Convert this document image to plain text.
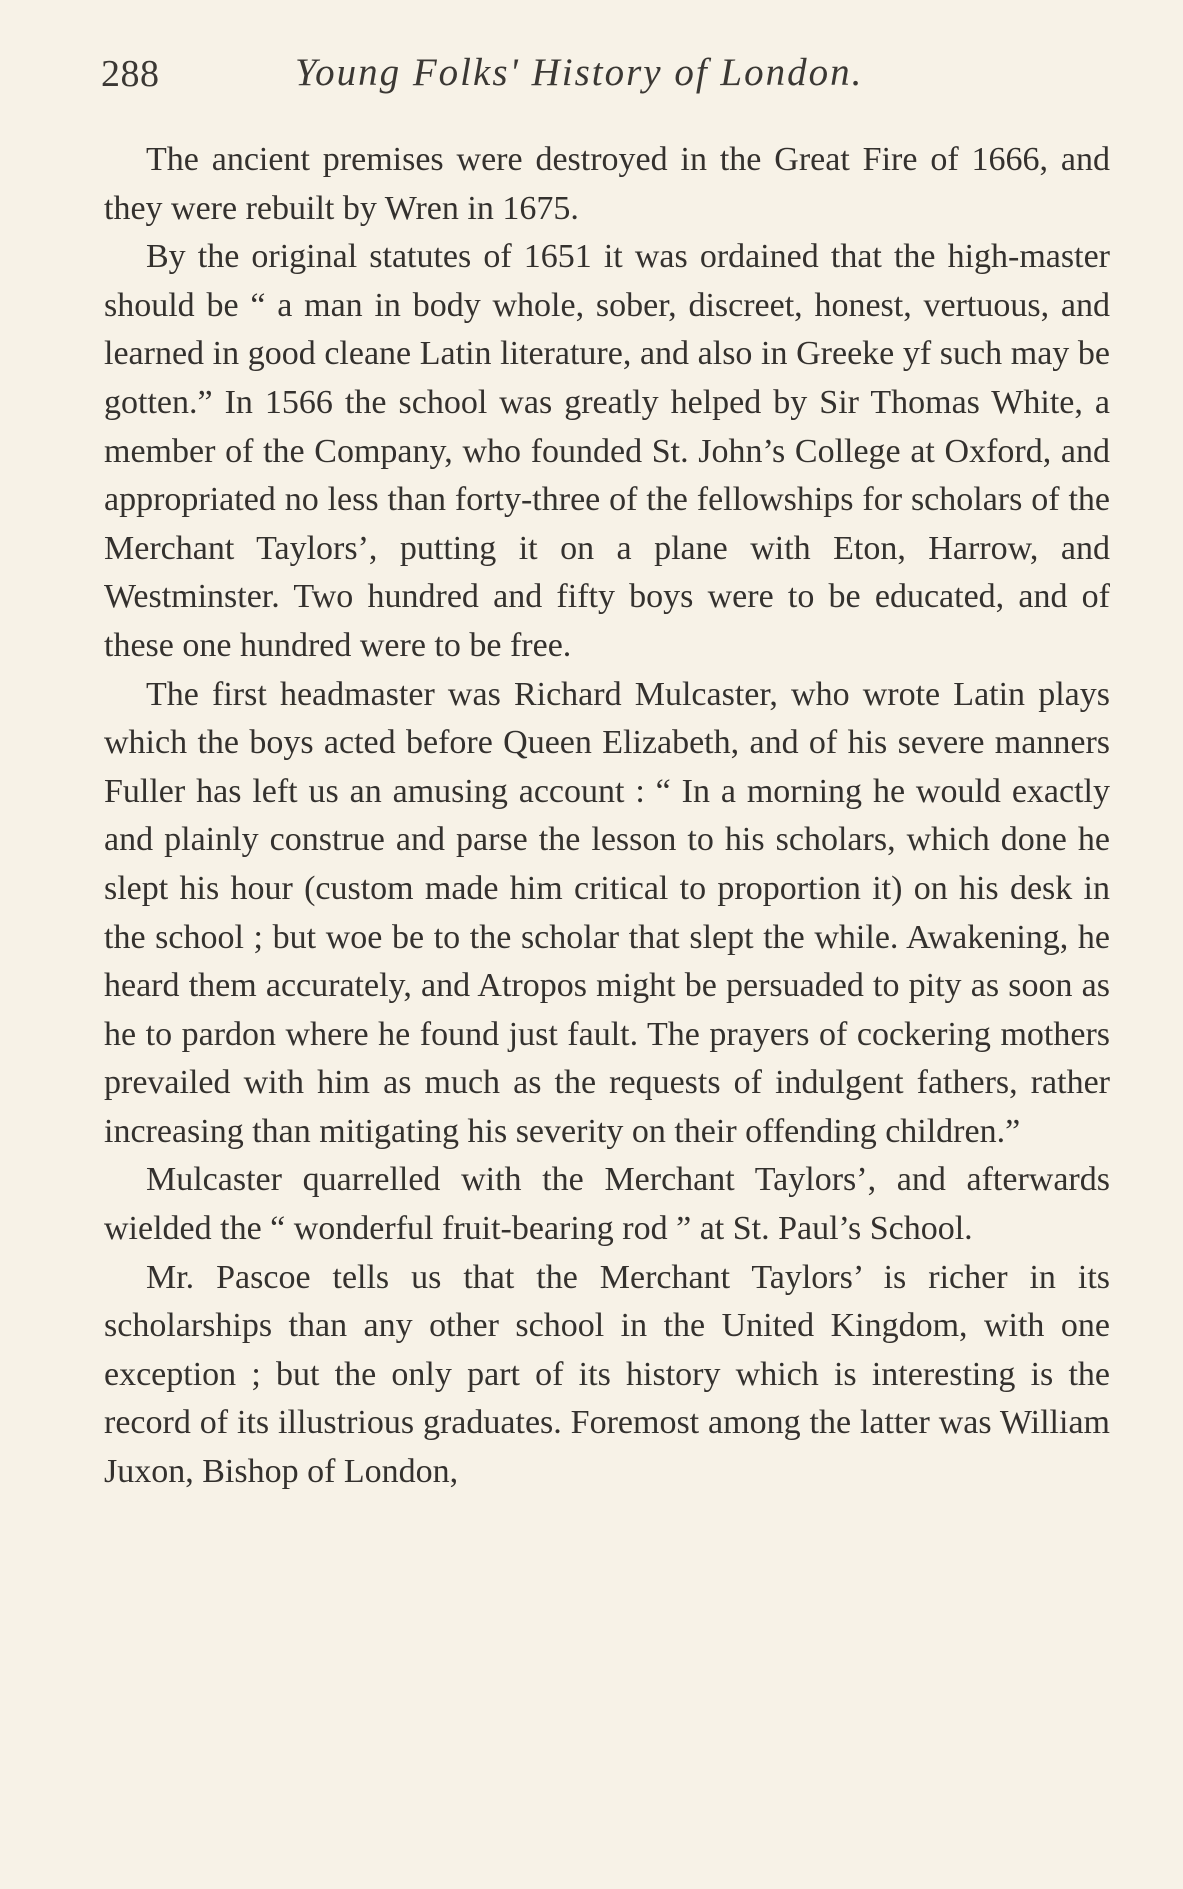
288	Young Folks' History of London.

The ancient premises were destroyed in the Great Fire of 1666, and they were rebuilt by Wren in 1675.

By the original statutes of 1651 it was ordained that the high-master should be “ a man in body whole, sober, discreet, honest, vertuous, and learned in good cleane Latin literature, and also in Greeke yf such may be gotten.” In 1566 the school was greatly helped by Sir Thomas White, a member of the Company, who founded St. John’s College at Oxford, and appropriated no less than forty-three of the fellowships for scholars of the Merchant Taylors’, putting it on a plane with Eton, Harrow, and Westminster. Two hundred and fifty boys were to be educated, and of these one hundred were to be free.

The first headmaster was Richard Mulcaster, who wrote Latin plays which the boys acted before Queen Elizabeth, and of his severe manners Fuller has left us an amusing account : “ In a morning he would exactly and plainly construe and parse the lesson to his scholars, which done he slept his hour (custom made him critical to proportion it) on his desk in the school ; but woe be to the scholar that slept the while. Awakening, he heard them accurately, and Atropos might be persuaded to pity as soon as he to pardon where he found just fault. The prayers of cockering mothers prevailed with him as much as the requests of indulgent fathers, rather increasing than mitigating his severity on their offending children.”

Mulcaster quarrelled with the Merchant Taylors’, and afterwards wielded the “ wonderful fruit-bearing rod ” at St. Paul’s School.

Mr. Pascoe tells us that the Merchant Taylors’ is richer in its scholarships than any other school in the United Kingdom, with one exception ; but the only part of its history which is interesting is the record of its illustrious graduates. Foremost among the latter was William Juxon, Bishop of London,
